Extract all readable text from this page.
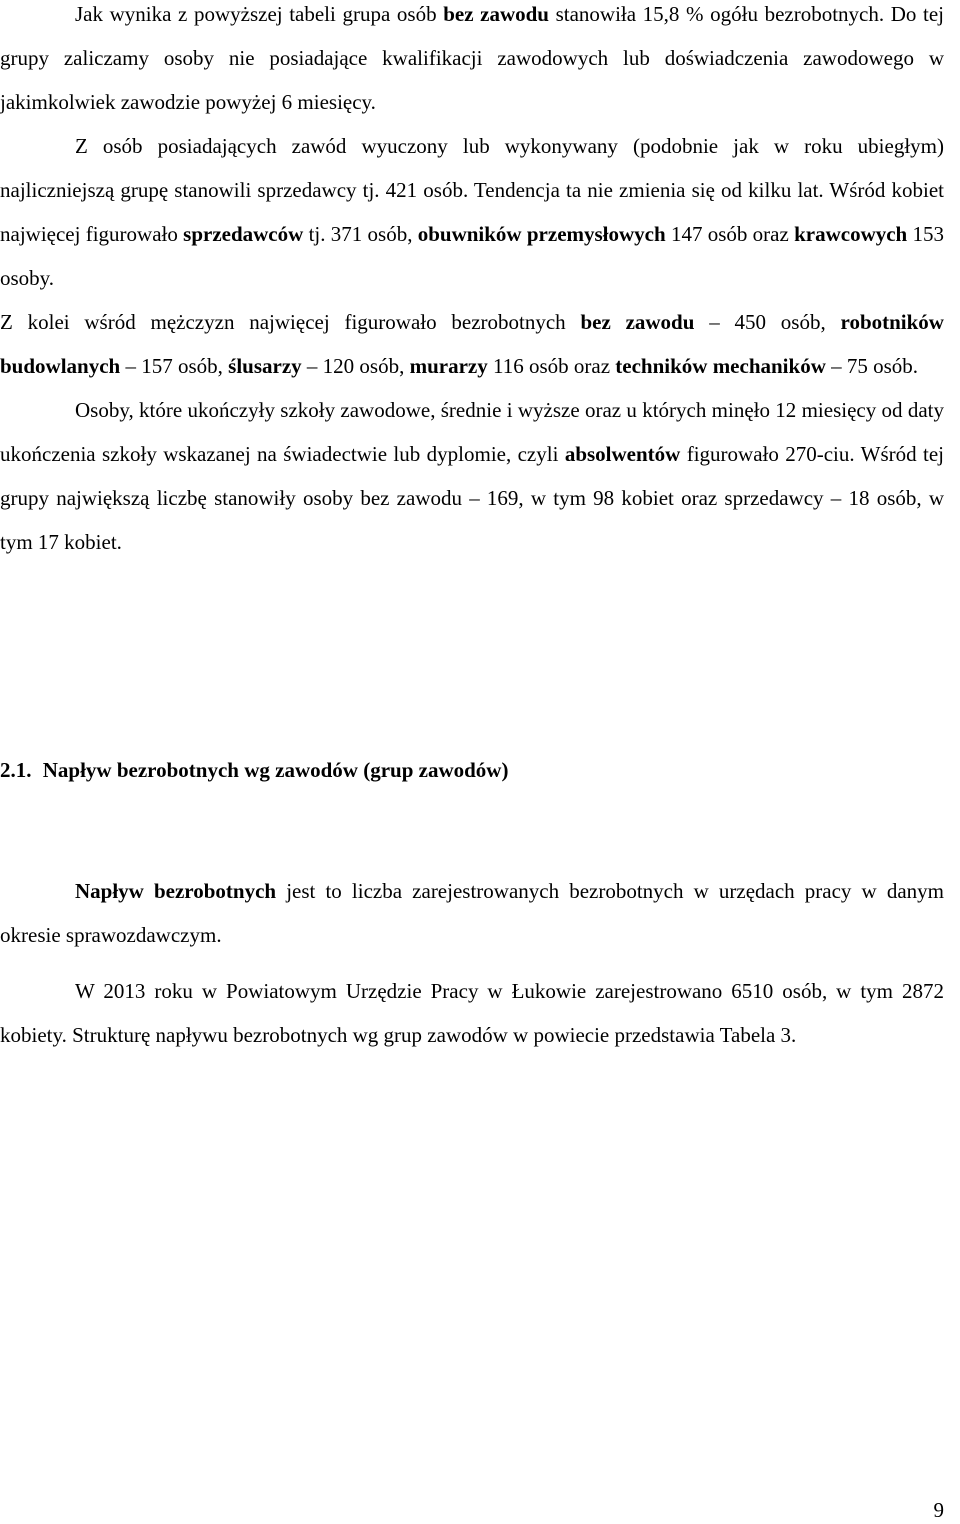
Jak wynika z powyższej tabeli grupa osób bez zawodu stanowiła 15,8 % ogółu bezrobotnych. Do tej grupy zaliczamy osoby nie posiadające kwalifikacji zawodowych lub doświadczenia zawodowego w jakimkolwiek zawodzie powyżej 6 miesięcy.

Z osób posiadających zawód wyuczony lub wykonywany (podobnie jak w roku ubiegłym) najliczniejszą grupę stanowili sprzedawcy tj. 421 osób. Tendencja ta nie zmienia się od kilku lat. Wśród kobiet najwięcej figurowało sprzedawców tj. 371 osób, obuwników przemysłowych 147 osób oraz krawcowych 153 osoby.

Z kolei wśród mężczyzn najwięcej figurowało bezrobotnych bez zawodu – 450 osób, robotników budowlanych – 157 osób, ślusarzy – 120 osób, murarzy 116 osób oraz techników mechaników – 75 osób.

Osoby, które ukończyły szkoły zawodowe, średnie i wyższe oraz u których minęło 12 miesięcy od daty ukończenia szkoły wskazanej na świadectwie lub dyplomie, czyli absolwentów figurowało 270-ciu. Wśród tej grupy największą liczbę stanowiły osoby bez zawodu – 169, w tym 98 kobiet oraz sprzedawcy – 18 osób, w tym 17 kobiet.

2.1. Napływ bezrobotnych wg zawodów (grup zawodów)

Napływ bezrobotnych jest to liczba zarejestrowanych bezrobotnych w urzędach pracy w danym okresie sprawozdawczym.

W 2013 roku w Powiatowym Urzędzie Pracy w Łukowie zarejestrowano 6510 osób, w tym 2872 kobiety. Strukturę napływu bezrobotnych wg grup zawodów w powiecie przedstawia Tabela 3.

9
